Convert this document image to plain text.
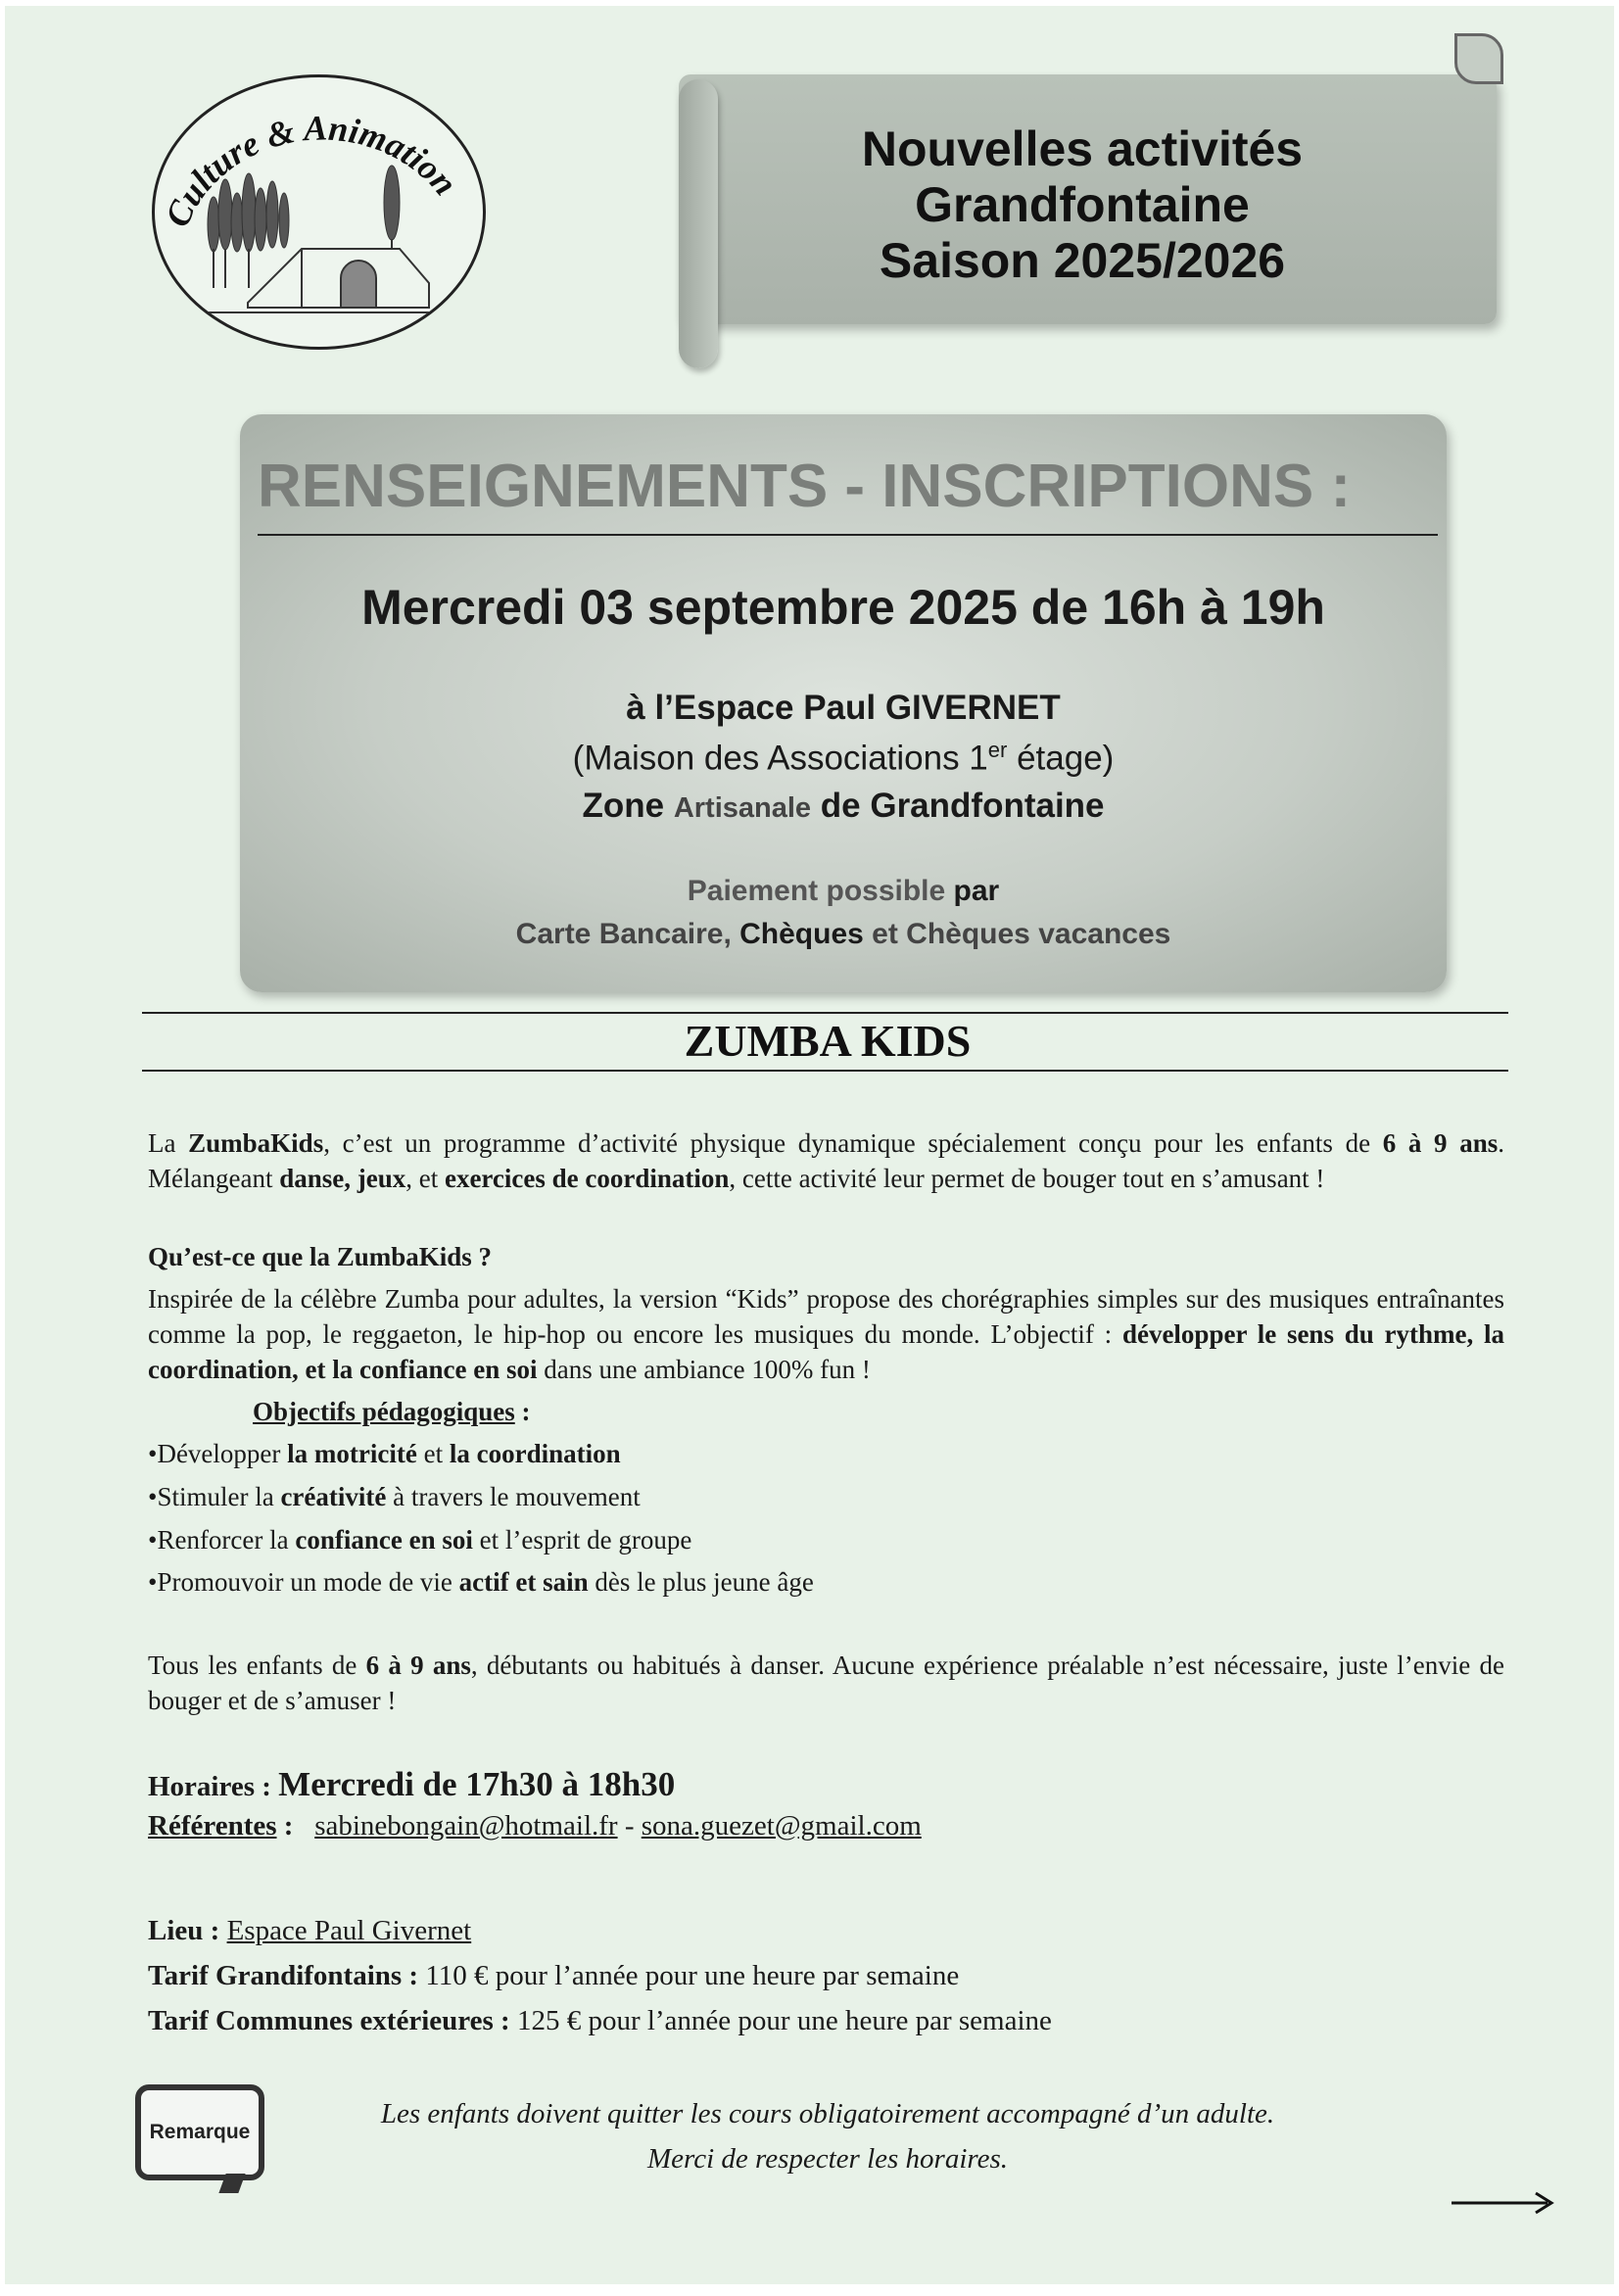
Culture & Animation
Nouvelles activités
Grandfontaine
Saison 2025/2026
RENSEIGNEMENTS - INSCRIPTIONS :
Mercredi 03 septembre 2025 de 16h à 19h
à l’Espace Paul GIVERNET
(Maison des Associations 1er étage)
Zone Artisanale de Grandfontaine
Paiement possible par
Carte Bancaire, Chèques et Chèques vacances
ZUMBA KIDS
La ZumbaKids, c’est un programme d’activité physique dynamique spécialement conçu pour les enfants de 6 à 9 ans. Mélangeant danse, jeux, et exercices de coordination, cette activité leur permet de bouger tout en s’amusant !
Qu’est-ce que la ZumbaKids ?
Inspirée de la célèbre Zumba pour adultes, la version “Kids” propose des chorégraphies simples sur des musiques entraînantes comme la pop, le reggaeton, le hip-hop ou encore les musiques du monde. L’objectif : développer le sens du rythme, la coordination, et la confiance en soi dans une ambiance 100% fun !
Objectifs pédagogiques :
•Développer la motricité et la coordination
•Stimuler la créativité à travers le mouvement
•Renforcer la confiance en soi et l’esprit de groupe
•Promouvoir un mode de vie actif et sain dès le plus jeune âge
Tous les enfants de 6 à 9 ans, débutants ou habitués à danser. Aucune expérience préalable n’est nécessaire, juste l’envie de bouger et de s’amuser !
Horaires : Mercredi de 17h30 à 18h30
Référentes : sabinebongain@hotmail.fr - sona.guezet@gmail.com
Lieu : Espace Paul Givernet
Tarif Grandifontains : 110 € pour l’année pour une heure par semaine
Tarif Communes extérieures : 125 € pour l’année pour une heure par semaine
Remarque
Les enfants doivent quitter les cours obligatoirement accompagné d’un adulte.
Merci de respecter les horaires.
